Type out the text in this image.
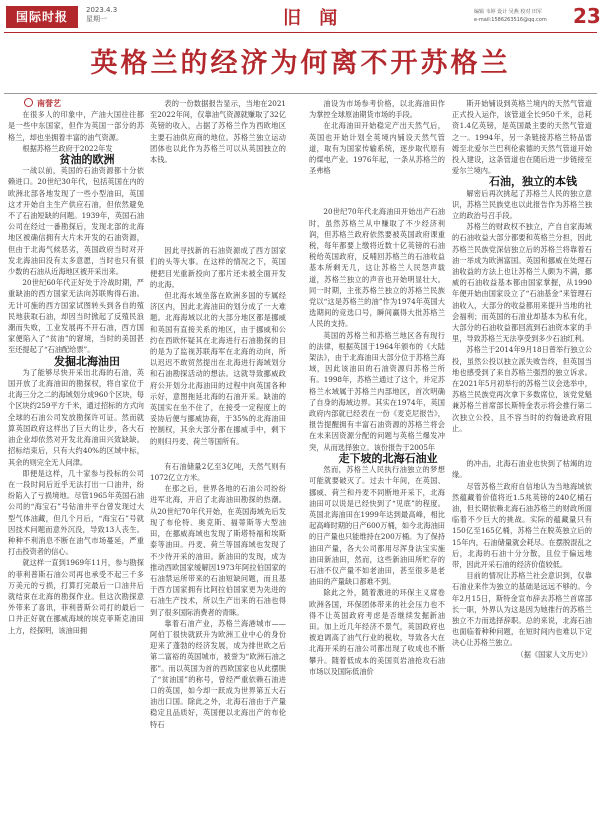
国际时报	2023.4.3
星期一	旧 闻	编辑 韦婷 设计 吴燕 校对 田军
e-mail:1586263516@qq.com 23
英格兰的经济为何离不开苏格兰

南誉艺

在很多人的印象中，产油大国往往都是一些中东国家，但作为英国一部分的苏格兰，却也坐拥着丰富的油气资源。

根据苏格兰政府于2022年发

贫油的欧洲

一战以前，英国的石油资源都十分依赖进口。20世纪30年代，包括英国在内的欧洲北部各地发现了一些小型油田，英国这才开始自主生产供应石油，但依然避免不了石油短缺的问题。1939年，英国石油公司在经过一番勘探后，发现北部的北海地区被确信拥有大片未开发的石油资源，但由于北海气候恶劣，英国政府当时对开发北海油田没有太多意愿，当时也只有很少数的石油从近海地区被开采出来。

20世纪60年代正好处于冷战时期，严重缺油的西方国家无法向苏联购得石油。无计可施的西方国家试图转头到各自的殖民地获取石油，却因当时掀起了反殖民浪潮而失败，工业发展再不开石油，西方国家便陷入了“贫油”的窘境，当时的美国甚至还提起了“石油配给票”。

发掘北海油田

为了能够尽快开采出北海的石油，英国开放了北海油田的勘探权，将自家位于北海三分之二的海域划分成960个区块，每个区块约259平方千米，通过招标的方式向全球的石油公司发放勘探许可证。然而就算英国政府这样出了巨大的让步，各大石油企业却依然对开发北海油田兴致缺缺。招标结束后，只有大约40%的区域中标，其余的则完全无人问津。

即便是这样，几十家参与投标的公司在一段时间后近乎无法打出一口油井，纷纷陷入了亏损境地。尽管1965年英国石油公司的“海宝石”号钻油井平台曾发现过大型气体油藏，但几个月后，“海宝石”号就因技术问题而意外沉没，导致13人丧生。种种不利消息不断在油气市场蔓延，严重打击投资者的信心。

就这样一直到1969年11月，参与勘探的菲利普斯石油公司再也承受不起三千多万美元的亏损，打算打完最后一口油井后就结束在北海的勘探作业。但这次勘探意外带来了喜讯，菲利普斯公司打的最后一口井正好就在挪威海域的埃克菲斯克油田上方，经探明，该油田拥

表的一份数据报告显示，当地在2021至2022年间，仅靠油气资源就赚取了32亿英镑的收入，占据了苏格兰作为西欧地区主要石油供应商的地位。苏格兰独立运动团体也以此作为苏格兰可以从英国独立的本钱。

因此寻找新的石油资源成了西方国家们的头等大事。在这样的情况之下，英国便把目光重新投向了那片还未被全面开发的北海。

但北海水域坐落在欧洲多国的专属经济区内，因此北海油田的划分成了一大难题。北海海域以北的大部分地区都是挪威和英国有直接关系的地区，由于挪威和公约在西欧怀疑其在北海进行石油勘探的目的是为了监视苏联海军在北海的动向，所以迟迟不敢贸然提出在北海进行海域划分和石油勘探活动的想法。这就导致挪威政府公开划分北海油田的过程中向英国各种示好，意图拖延北海的石油开采。缺油的英国实在坐不住了，在接受一定程度上的妥协后便与挪威协商，于35%的北海油田控制权，其余大部分都在挪威手中，剩下的则归丹麦、荷兰等国所有。

有石油储量2亿至3亿吨，天然气则有1072亿立方米。

在那之后，世界各地的石油公司纷纷进军北海，开启了北海油田勘探的热潮。从20世纪70年代开始，在英国海域先后发现了布伦特、奥克斯、福蒂斯等大型油田，在挪威海域也发现了斯塔特福和埃斯泰等油田。丹麦、荷兰等国海域也发现了不少待开采的油田。新油田的发现，成为推动西欧国家缓解因1973年阿拉伯国家的石油禁运所带来的石油短缺问题，而且基于西方国家拥有比阿拉伯国家更为先进的石油生产技术，所以生产出来的石油也得到了很多国际消费者的青睐。

靠着石油产业，苏格兰海港城市——阿伯丁很快就跃升为欧洲工业中心的身份迎来了蓬勃的经济发展，成为排世欧之后第二富裕的英国城市，被誉为“欧洲石油之都”。而以英国为首的西欧国家也从此摆脱了“贫油国”的称号，曾经严重依赖石油进口的英国，如今却一跃成为世界第五大石油出口国。除此之外，北海石油由于产量稳定且品质好，英国便以北海出产的布伦特石

油设为市场参考价格，以北海油田作为掌控全球原油期货市场的手段。

在北海油田开始稳定产出天然气后，英国也开始计划全英境内铺设天然气管道，取有为国家传输系统，逐步取代原有的煤电产业。1976年起，一条从苏格兰的圣弗格

20世纪70年代北海油田开始出产石油时，虽然苏格兰从中赚取了不少经济利润，但苏格兰政府依然要被英国政府课重税，每年都要上缴将近数十亿英镑的石油税给英国政府，反哺回苏格兰的石油收益基本所剩无几，这让苏格兰人民怨声载道，苏格兰独立的声音也开始明显壮大。同一时期，主张苏格兰独立的苏格兰民族党以“这是苏格兰的油”作为1974年英国大选期间的竞选口号，瞬间赢得大批苏格兰人民的支持。

英国的苏格兰和苏格兰地区各有现行的法律，根据英国于1964年颁布的《大陆架法》，由于北海油田大部分位于苏格兰海域，因此该油田的石油资源归苏格兰所有。1998年，苏格兰通过了这个，并定苏格兰水域属于苏格兰内部地区，首次明确了自身的海域边界。其实在1974年，英国政府内部就已经表在一份《麦克尼报告》，报告提醒拥有丰富石油资源的苏格兰将会在未来因资源分配的问题与英格兰爆发冲突，从而选择独立。该份报告于2005年

走下坡的北海石油业

然而，苏格兰人民执行油独立的梦想可能就要破灭了。过去十年间，在英国、挪威、荷兰和丹麦不同断地开采下，北海油田可以说是已经快到了“见底”的程度。英国北海油田在1999年达到最高峰，相比起高峰时期的日产600万桶，如今北海油田的日产量也只能维持在200万桶。为了保持油田产量，各大公司都用尽浑身法宝实施油田新油田，然而，这些新油田所贮存的石油不仅产量不如老油田，甚至很多是老油田的产量缺口都难不到。

除此之外，随着激进的环保主义席卷欧洲各国，环保团体带来的社会压力也不得不让英国政府考虑是否继续发掘新油田。加上近几年经济不景气，英国政府也被迫调高了油气行业的税收，导致各大在北海开采的石油公司都出现了收成也不断攀升。随着低成本的美国页岩油抢攻石油市场以及国际低油价

斯开始铺设到英格兰境内的天然气管道正式投入运作，该管道全长950千米，总耗资1.4亿英镑，是英国最主要的天然气管道之一。1994年，另一条链接苏格兰特品雷姆至北爱尔兰巴利伦索德的天然气管道开始投入建设，这条管道也在随后进一步链接至爱尔兰境内。

石油，独立的本钱

解密后再次挑起了苏格兰人民的独立意识，苏格兰民族党也以此报告作为苏格兰独立的政治号召手段。

苏格兰的财政权不独立，产自自家海域的石油收益大部分都要和英格兰分担，因此苏格兰民族党深信独立后的苏格兰将靠着石油一举成为欧洲富国。英国和挪威在处理石油收益的方法上也让苏格兰人颇为不满，挪威的石油收益基本都由国家掌握，从1990年便开始由国家设立了“石油基金”来管理石油收入，大部分的收益都用来提升当地的社会福利；而英国的石油业却基本为私有化，大部分的石油收益都回流到石油资本家的手里，导致苏格兰无法享受到多少石油红利。

苏格兰于2014年9月18日曾举行独立公投，虽然公投以独立派失败告终，但英国当地也感受到了来自苏格兰强烈的独立诉求。在2021年5月初举行的苏格兰议会选举中，苏格兰民族党再次拿下多数席位，该党党魁兼苏格兰首席部长斯特金表示将会推行第二次独立公投，且不容当时的约翰逊政府阻止。

的冲击，北海石油业也快到了枯竭的边缘。

尽管苏格兰政府自信地认为当地海域依然蕴藏着价值将近1.5兆英镑的240亿桶石油，但长期依赖北海石油苏格兰的财政所面临着不少巨大的挑战。实际的蕴藏量只有150亿至165亿桶，苏格兰在脱英独立后的15年内，石油储量就会耗尽。在摆脱混乱之后，北海的石油十分分散，且位于偏远地带，因此开采石油的经济价值较低。

目前的情况让苏格兰社会意识到，仅靠石油业来作为独立的基础是远远不够的。今年2月15日，斯特金宣布辞去苏格兰首席部长一职，外界认为这是因为她推行的苏格兰独立不力而选择辞职。总的来说，北海石油也面临着种种问题，在短时间内也难以下定决心让苏格兰独立。

（据《国家人文历史》）
